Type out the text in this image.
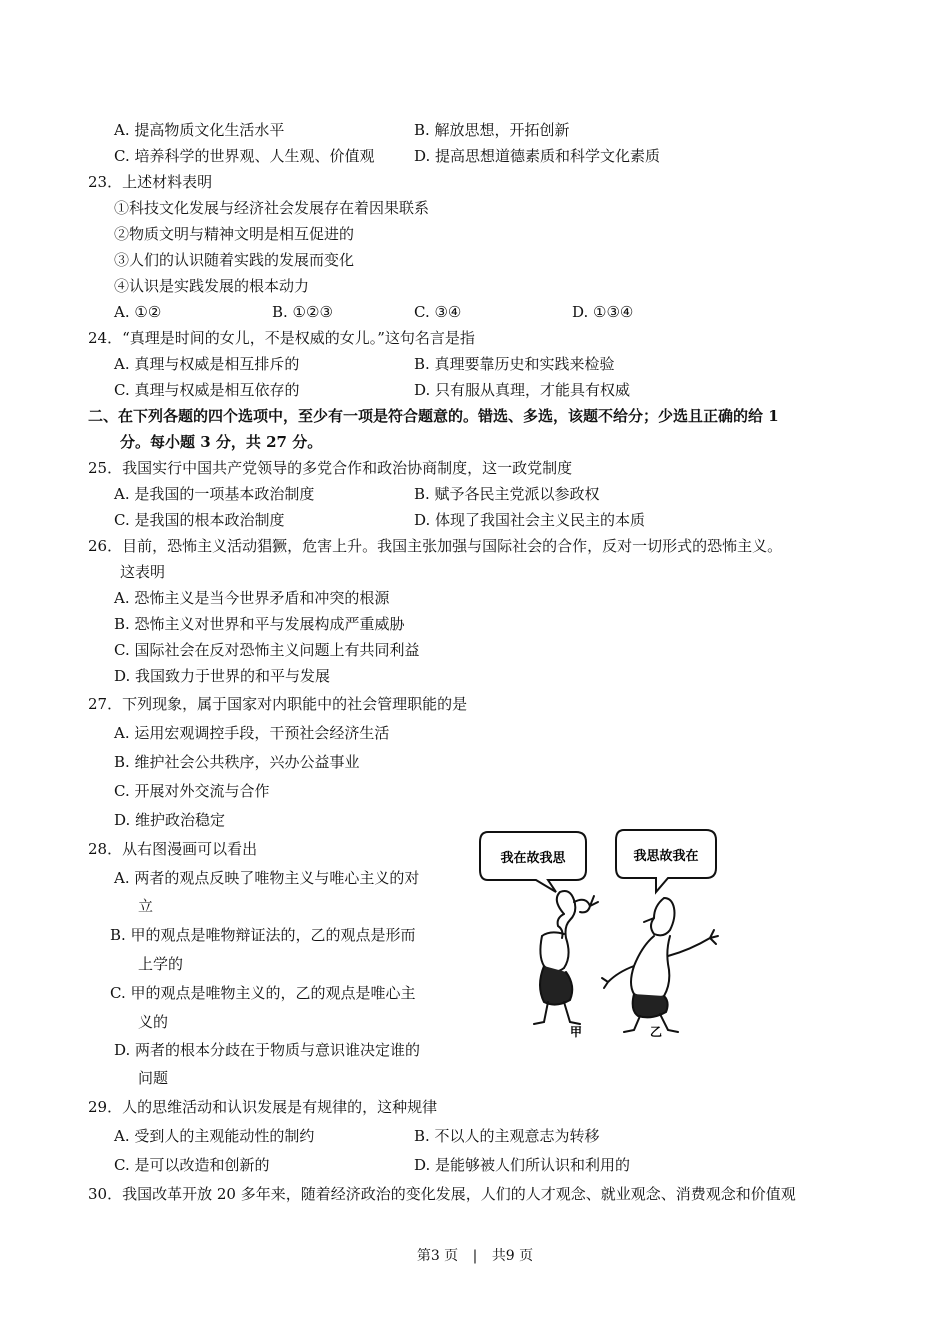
A. 提高物质文化生活水平	B. 解放思想，开拓创新
C. 培养科学的世界观、人生观、价值观	D. 提高思想道德素质和科学文化素质
23．上述材料表明
①科技文化发展与经济社会发展存在着因果联系
②物质文明与精神文明是相互促进的
③人们的认识随着实践的发展而变化
④认识是实践发展的根本动力
A. ①②	B. ①②③	C. ③④	D. ①③④
24．“真理是时间的女儿，不是权威的女儿。”这句名言是指
A. 真理与权威是相互排斥的	B. 真理要靠历史和实践来检验
C. 真理与权威是相互依存的	D. 只有服从真理，才能具有权威
二、在下列各题的四个选项中，至少有一项是符合题意的。错选、多选，该题不给分；少选且正确的给 1
分。每小题 3 分，共 27 分。
25．我国实行中国共产党领导的多党合作和政治协商制度，这一政党制度
A. 是我国的一项基本政治制度	B. 赋予各民主党派以参政权
C. 是我国的根本政治制度	D. 体现了我国社会主义民主的本质
26．目前，恐怖主义活动猖獗，危害上升。我国主张加强与国际社会的合作，反对一切形式的恐怖主义。
这表明
A. 恐怖主义是当今世界矛盾和冲突的根源
B. 恐怖主义对世界和平与发展构成严重威胁
C. 国际社会在反对恐怖主义问题上有共同利益
D. 我国致力于世界的和平与发展
27．下列现象，属于国家对内职能中的社会管理职能的是
A. 运用宏观调控手段，干预社会经济生活
B. 维护社会公共秩序，兴办公益事业
C. 开展对外交流与合作
D. 维护政治稳定
28．从右图漫画可以看出
A. 两者的观点反映了唯物主义与唯心主义的对
立
B. 甲的观点是唯物辩证法的，乙的观点是形而
上学的
C. 甲的观点是唯物主义的，乙的观点是唯心主
义的
D. 两者的根本分歧在于物质与意识谁决定谁的
问题
我在故我思	我思故我在
甲	乙
29．人的思维活动和认识发展是有规律的，这种规律
A. 受到人的主观能动性的制约	B. 不以人的主观意志为转移
C. 是可以改造和创新的	D. 是能够被人们所认识和利用的
30．我国改革开放 20 多年来，随着经济政治的变化发展，人们的人才观念、就业观念、消费观念和价值观
第3 页 | 共9 页
